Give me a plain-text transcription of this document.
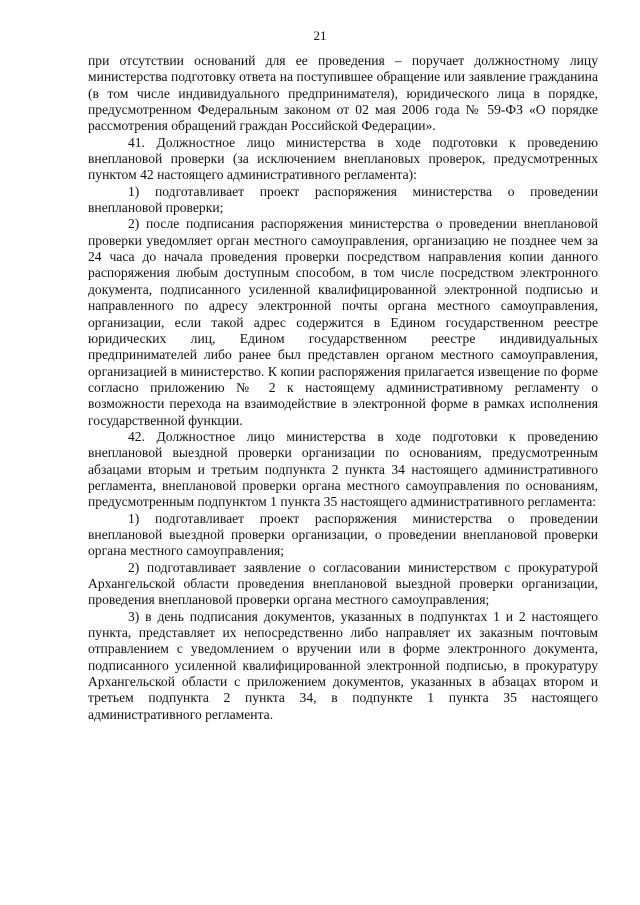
21

при отсутствии оснований для ее проведения – поручает должностному лицу министерства подготовку ответа на поступившее обращение или заявление гражданина (в том числе индивидуального предпринимателя), юридического лица в порядке, предусмотренном Федеральным законом от 02 мая 2006 года № 59-ФЗ «О порядке рассмотрения обращений граждан Российской Федерации».

41. Должностное лицо министерства в ходе подготовки к проведению внеплановой проверки (за исключением внеплановых проверок, предусмотренных пунктом 42 настоящего административного регламента):

1) подготавливает проект распоряжения министерства о проведении внеплановой проверки;

2) после подписания распоряжения министерства о проведении внеплановой проверки уведомляет орган местного самоуправления, организацию не позднее чем за 24 часа до начала проведения проверки посредством направления копии данного распоряжения любым доступным способом, в том числе посредством электронного документа, подписанного усиленной квалифицированной электронной подписью и направленного по адресу электронной почты органа местного самоуправления, организации, если такой адрес содержится в Едином государственном реестре юридических лиц, Едином государственном реестре индивидуальных предпринимателей либо ранее был представлен органом местного самоуправления, организацией в министерство. К копии распоряжения прилагается извещение по форме согласно приложению № 2 к настоящему административному регламенту о возможности перехода на взаимодействие в электронной форме в рамках исполнения государственной функции.

42. Должностное лицо министерства в ходе подготовки к проведению внеплановой выездной проверки организации по основаниям, предусмотренным абзацами вторым и третьим подпункта 2 пункта 34 настоящего административного регламента, внеплановой проверки органа местного самоуправления по основаниям, предусмотренным подпунктом 1 пункта 35 настоящего административного регламента:

1) подготавливает проект распоряжения министерства о проведении внеплановой выездной проверки организации, о проведении внеплановой проверки органа местного самоуправления;

2) подготавливает заявление о согласовании министерством с прокуратурой Архангельской области проведения внеплановой выездной проверки организации, проведения внеплановой проверки органа местного самоуправления;

3) в день подписания документов, указанных в подпунктах 1 и 2 настоящего пункта, представляет их непосредственно либо направляет их заказным почтовым отправлением с уведомлением о вручении или в форме электронного документа, подписанного усиленной квалифицированной электронной подписью, в прокуратуру Архангельской области с приложением документов, указанных в абзацах втором и третьем подпункта 2 пункта 34, в подпункте 1 пункта 35 настоящего административного регламента.
